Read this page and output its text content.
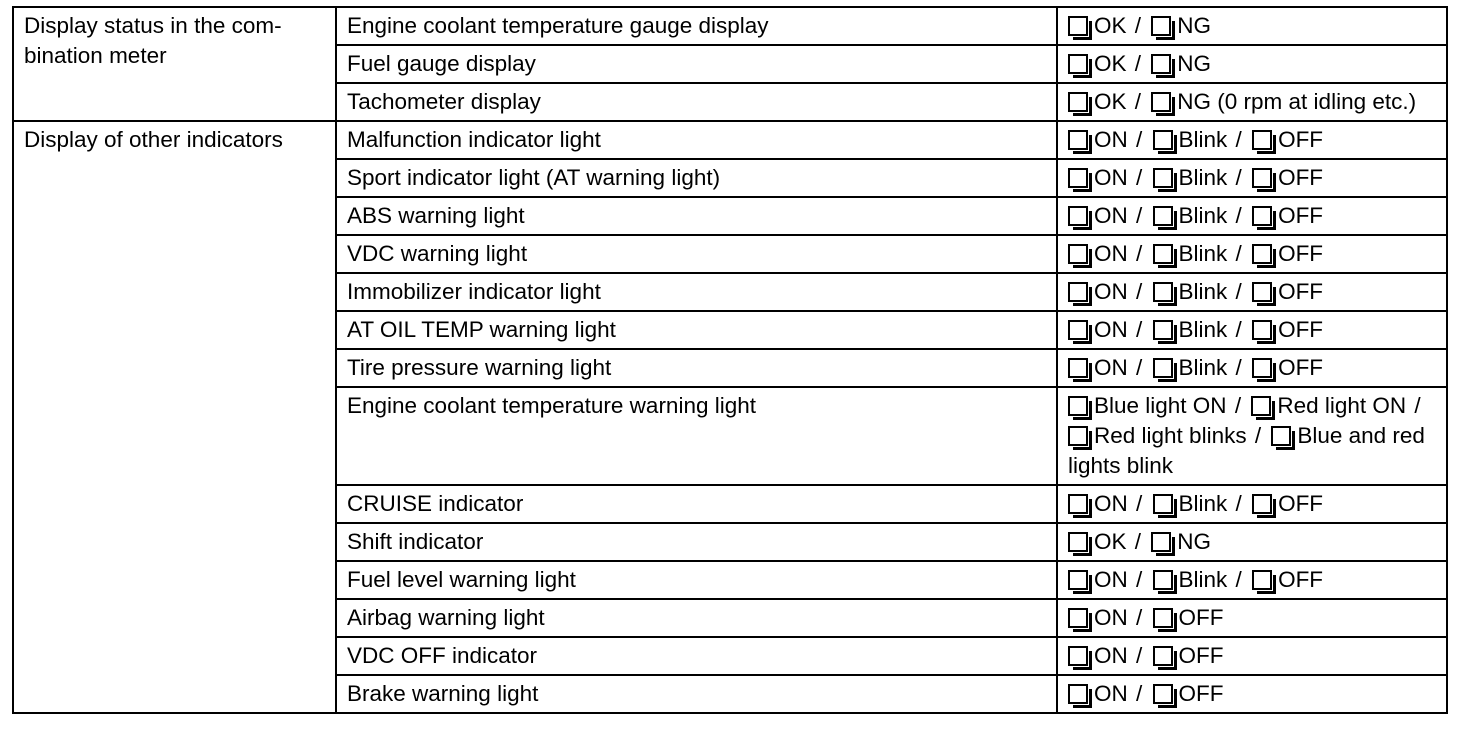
Display status in the com-
bination meter	Engine coolant temperature gauge display	OK / NG
	Fuel gauge display	OK / NG
	Tachometer display	OK / NG (0 rpm at idling etc.)
Display of other indicators	Malfunction indicator light	ON / Blink / OFF
	Sport indicator light (AT warning light)	ON / Blink / OFF
	ABS warning light	ON / Blink / OFF
	VDC warning light	ON / Blink / OFF
	Immobilizer indicator light	ON / Blink / OFF
	AT OIL TEMP warning light	ON / Blink / OFF
	Tire pressure warning light	ON / Blink / OFF
	Engine coolant temperature warning light	Blue light ON / Red light ON / Red light blinks / Blue and red lights blink
	CRUISE indicator	ON / Blink / OFF
	Shift indicator	OK / NG
	Fuel level warning light	ON / Blink / OFF
	Airbag warning light	ON / OFF
	VDC OFF indicator	ON / OFF
	Brake warning light	ON / OFF
